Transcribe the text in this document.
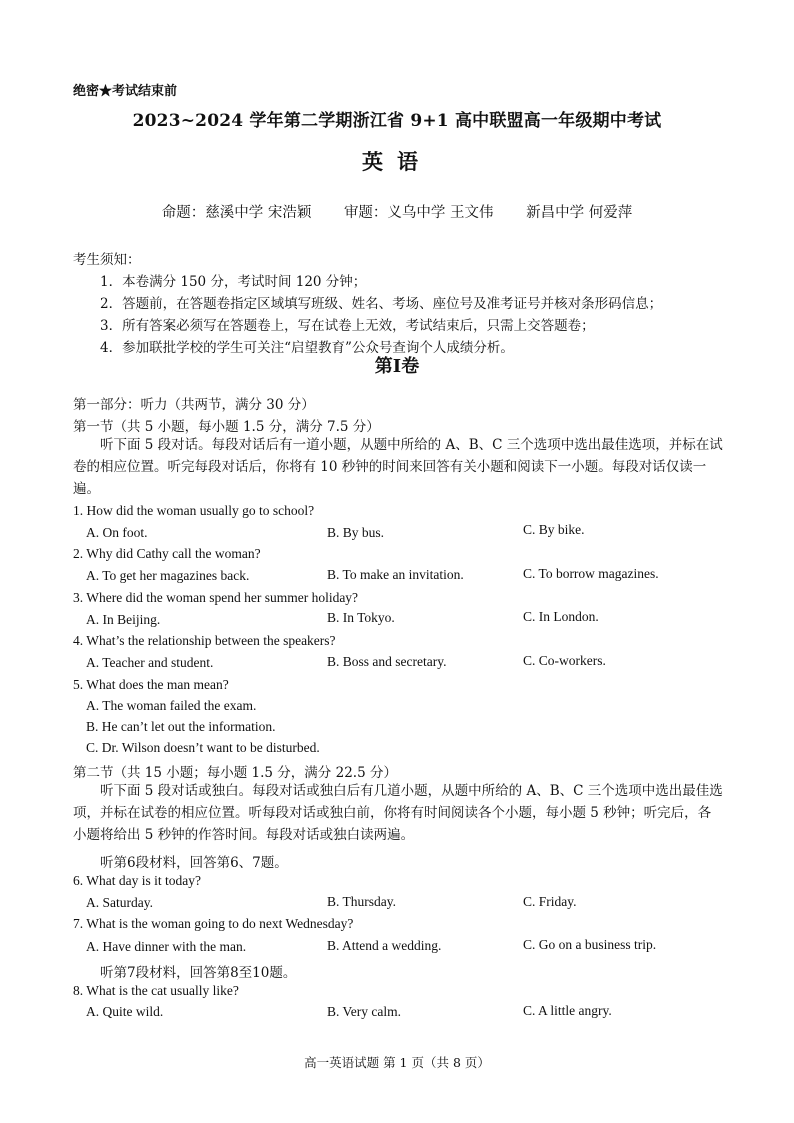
绝密★考试结束前
2023~2024 学年第二学期浙江省 9+1 高中联盟高一年级期中考试
英语
命题：慈溪中学 宋浩颖 审题：义乌中学 王文伟 新昌中学 何爱萍
考生须知：
1．本卷满分 150 分，考试时间 120 分钟；
2．答题前，在答题卷指定区域填写班级、姓名、考场、座位号及准考证号并核对条形码信息；
3．所有答案必须写在答题卷上，写在试卷上无效，考试结束后，只需上交答题卷；
4．参加联批学校的学生可关注“启望教育”公众号查询个人成绩分析。
第I卷
第一部分：听力（共两节，满分 30 分）
第一节（共 5 小题，每小题 1.5 分，满分 7.5 分）
听下面 5 段对话。每段对话后有一道小题，从题中所给的 A、B、C 三个选项中选出最佳选项，并标在试卷的相应位置。听完每段对话后，你将有 10 秒钟的时间来回答有关小题和阅读下一小题。每段对话仅读一遍。
1. How did the woman usually go to school?
A. On foot.	B. By bus.	C. By bike.
2. Why did Cathy call the woman?
A. To get her magazines back.	B. To make an invitation.	C. To borrow magazines.
3. Where did the woman spend her summer holiday?
A. In Beijing.	B. In Tokyo.	C. In London.
4. What’s the relationship between the speakers?
A. Teacher and student.	B. Boss and secretary.	C. Co-workers.
5. What does the man mean?
A. The woman failed the exam.
B. He can’t let out the information.
C. Dr. Wilson doesn’t want to be disturbed.
第二节（共 15 小题；每小题 1.5 分，满分 22.5 分）
听下面 5 段对话或独白。每段对话或独白后有几道小题，从题中所给的 A、B、C 三个选项中选出最佳选项，并标在试卷的相应位置。听每段对话或独白前，你将有时间阅读各个小题，每小题 5 秒钟；听完后，各小题将给出 5 秒钟的作答时间。每段对话或独白读两遍。
听第6段材料，回答第6、7题。
6. What day is it today?
A. Saturday.	B. Thursday.	C. Friday.
7. What is the woman going to do next Wednesday?
A. Have dinner with the man.	B. Attend a wedding.	C. Go on a business trip.
听第7段材料，回答第8至10题。
8. What is the cat usually like?
A. Quite wild.	B. Very calm.	C. A little angry.
高一英语试题 第 1 页（共 8 页）
